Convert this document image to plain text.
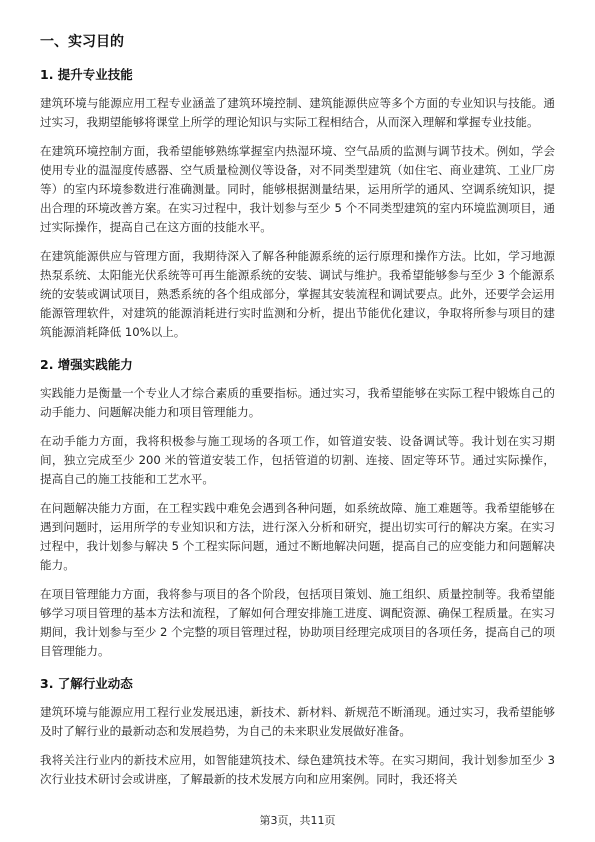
一、实习目的
1. 提升专业技能

建筑环境与能源应用工程专业涵盖了建筑环境控制、建筑能源供应等多个方面的专业知识与技能。通过实习，我期望能够将课堂上所学的理论知识与实际工程相结合，从而深入理解和掌握专业技能。

在建筑环境控制方面，我希望能够熟练掌握室内热湿环境、空气品质的监测与调节技术。例如，学会使用专业的温湿度传感器、空气质量检测仪等设备，对不同类型建筑（如住宅、商业建筑、工业厂房等）的室内环境参数进行准确测量。同时，能够根据测量结果，运用所学的通风、空调系统知识，提出合理的环境改善方案。在实习过程中，我计划参与至少 5 个不同类型建筑的室内环境监测项目，通过实际操作，提高自己在这方面的技能水平。

在建筑能源供应与管理方面，我期待深入了解各种能源系统的运行原理和操作方法。比如，学习地源热泵系统、太阳能光伏系统等可再生能源系统的安装、调试与维护。我希望能够参与至少 3 个能源系统的安装或调试项目，熟悉系统的各个组成部分，掌握其安装流程和调试要点。此外，还要学会运用能源管理软件，对建筑的能源消耗进行实时监测和分析，提出节能优化建议，争取将所参与项目的建筑能源消耗降低 10%以上。

2. 增强实践能力

实践能力是衡量一个专业人才综合素质的重要指标。通过实习，我希望能够在实际工程中锻炼自己的动手能力、问题解决能力和项目管理能力。

在动手能力方面，我将积极参与施工现场的各项工作，如管道安装、设备调试等。我计划在实习期间，独立完成至少 200 米的管道安装工作，包括管道的切割、连接、固定等环节。通过实际操作，提高自己的施工技能和工艺水平。

在问题解决能力方面，在工程实践中难免会遇到各种问题，如系统故障、施工难题等。我希望能够在遇到问题时，运用所学的专业知识和方法，进行深入分析和研究，提出切实可行的解决方案。在实习过程中，我计划参与解决 5 个工程实际问题，通过不断地解决问题，提高自己的应变能力和问题解决能力。

在项目管理能力方面，我将参与项目的各个阶段，包括项目策划、施工组织、质量控制等。我希望能够学习项目管理的基本方法和流程，了解如何合理安排施工进度、调配资源、确保工程质量。在实习期间，我计划参与至少 2 个完整的项目管理过程，协助项目经理完成项目的各项任务，提高自己的项目管理能力。

3. 了解行业动态

建筑环境与能源应用工程行业发展迅速，新技术、新材料、新规范不断涌现。通过实习，我希望能够及时了解行业的最新动态和发展趋势，为自己的未来职业发展做好准备。

我将关注行业内的新技术应用，如智能建筑技术、绿色建筑技术等。在实习期间，我计划参加至少 3 次行业技术研讨会或讲座，了解最新的技术发展方向和应用案例。同时，我还将关

第3页，共11页
